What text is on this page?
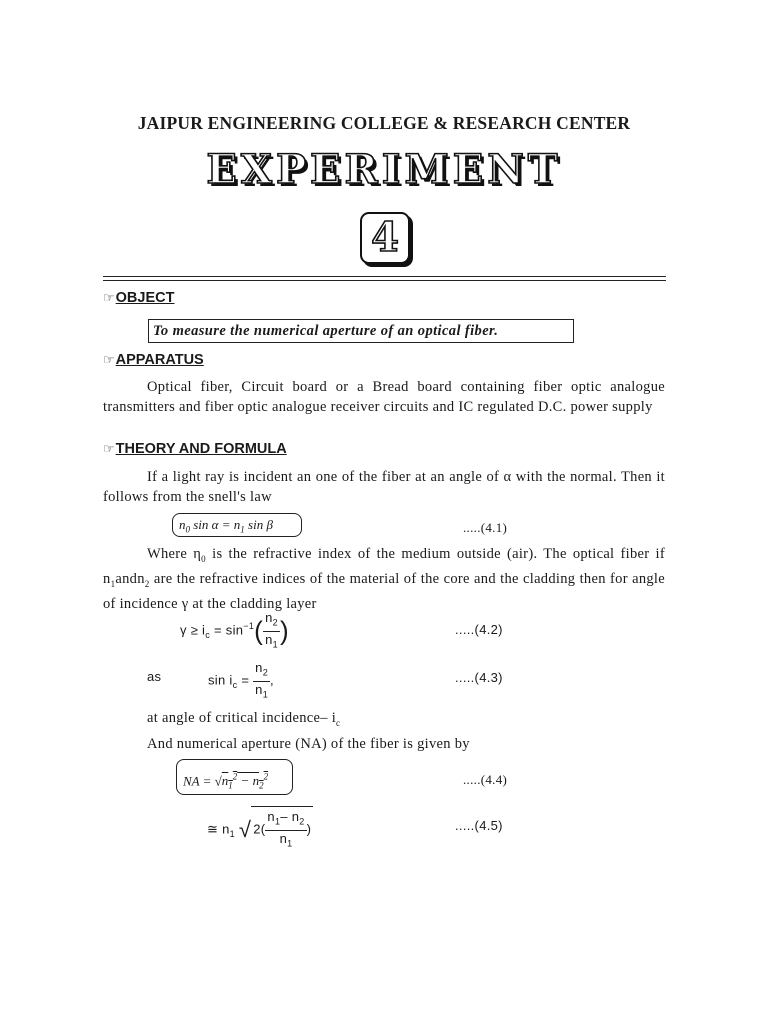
JAIPUR ENGINEERING COLLEGE & RESEARCH CENTER
EXPERIMENT
4
☞OBJECT
To measure the numerical aperture of an optical fiber.
☞APPARATUS
Optical fiber, Circuit board or a Bread board containing fiber optic analogue transmitters and fiber optic analogue receiver circuits and IC regulated D.C. power supply
☞THEORY AND FORMULA
If a light ray is incident an one of the fiber at an angle of α with the normal. Then it follows from the snell's law
$n_0$ $\sin \alpha = n_1$ sin β	.....(4.1)
Where $\eta_0$ is the refractive index of the medium outside (air). The optical fiber if $n_1andn_2$ are the refractive indices of the material of the core and the cladding then for angle of incidence γ at the cladding layer
$\gamma \ge i_c = \sin^{-1}( \frac{n_2}{n_1}$ )	.....(4.2)
as	$\sin i_c = \frac{n_2}{n_1}$ ,	.....(4.3)
at angle of critical incidence– $i_c$
And numerical aperture (NA) of the fiber is given by
NA = $√n_1^2 - n_2^2$	.....(4.4)
≅ $n_1$ √ $2( \frac{n_1- n_2}{n_1}$ )	.....(4.5)
